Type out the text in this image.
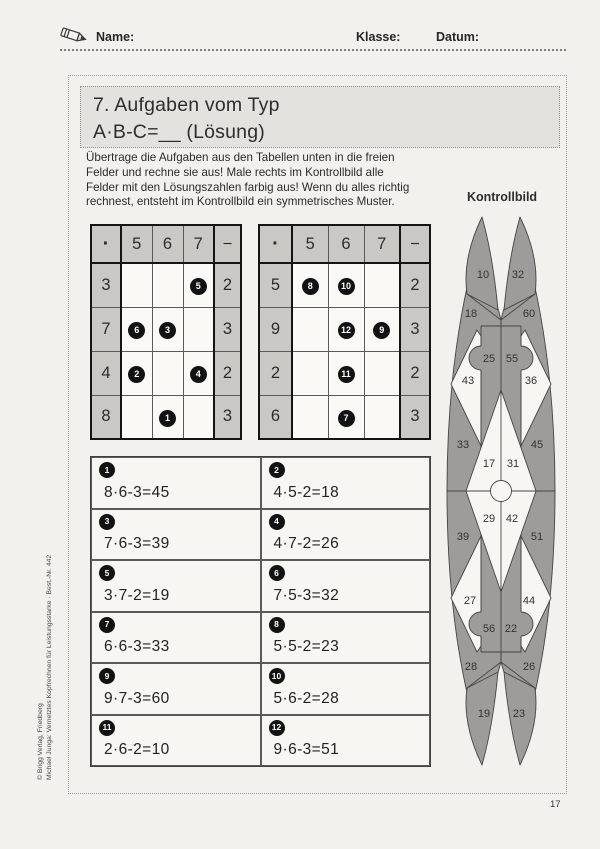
Name:	Klasse:	Datum:
7. Aufgaben vom Typ
A·B-C=__ (Lösung)
Übertrage die Aufgaben aus den Tabellen unten in die freien
Felder und rechne sie aus! Male rechts im Kontrollbild alle
Felder mit den Lösungszahlen farbig aus! Wenn du alles richtig
rechnest, entsteht im Kontrollbild ein symmetrisches Muster.	Kontrollbild
·	5	6	7	−
3			5	2
7	6	3		3
4	2		4	2
8		1		3
·	5	6	7	−
5	8	10		2
9		12	9	3
2		11		2
6		7		3
1
8·6-3=45
2
4·5-2=18
3
7·6-3=39
4
4·7-2=26
5
3·7-2=19
6
7·5-3=32
7
6·6-3=33
8
5·5-2=23
9
9·7-3=60
10
5·6-2=28
11
2·6-2=10
12
9·6-3=51
10 32
18	60
25 55
43	36
33	45
17 31
29 42
39	51
27	44
56 22
28	26
19 23
© Brigg Verlag, Friedberg Michael Junga: Vernetztes Kopfrechnen für Leistungsstarke · Best.-Nr. 442
17
